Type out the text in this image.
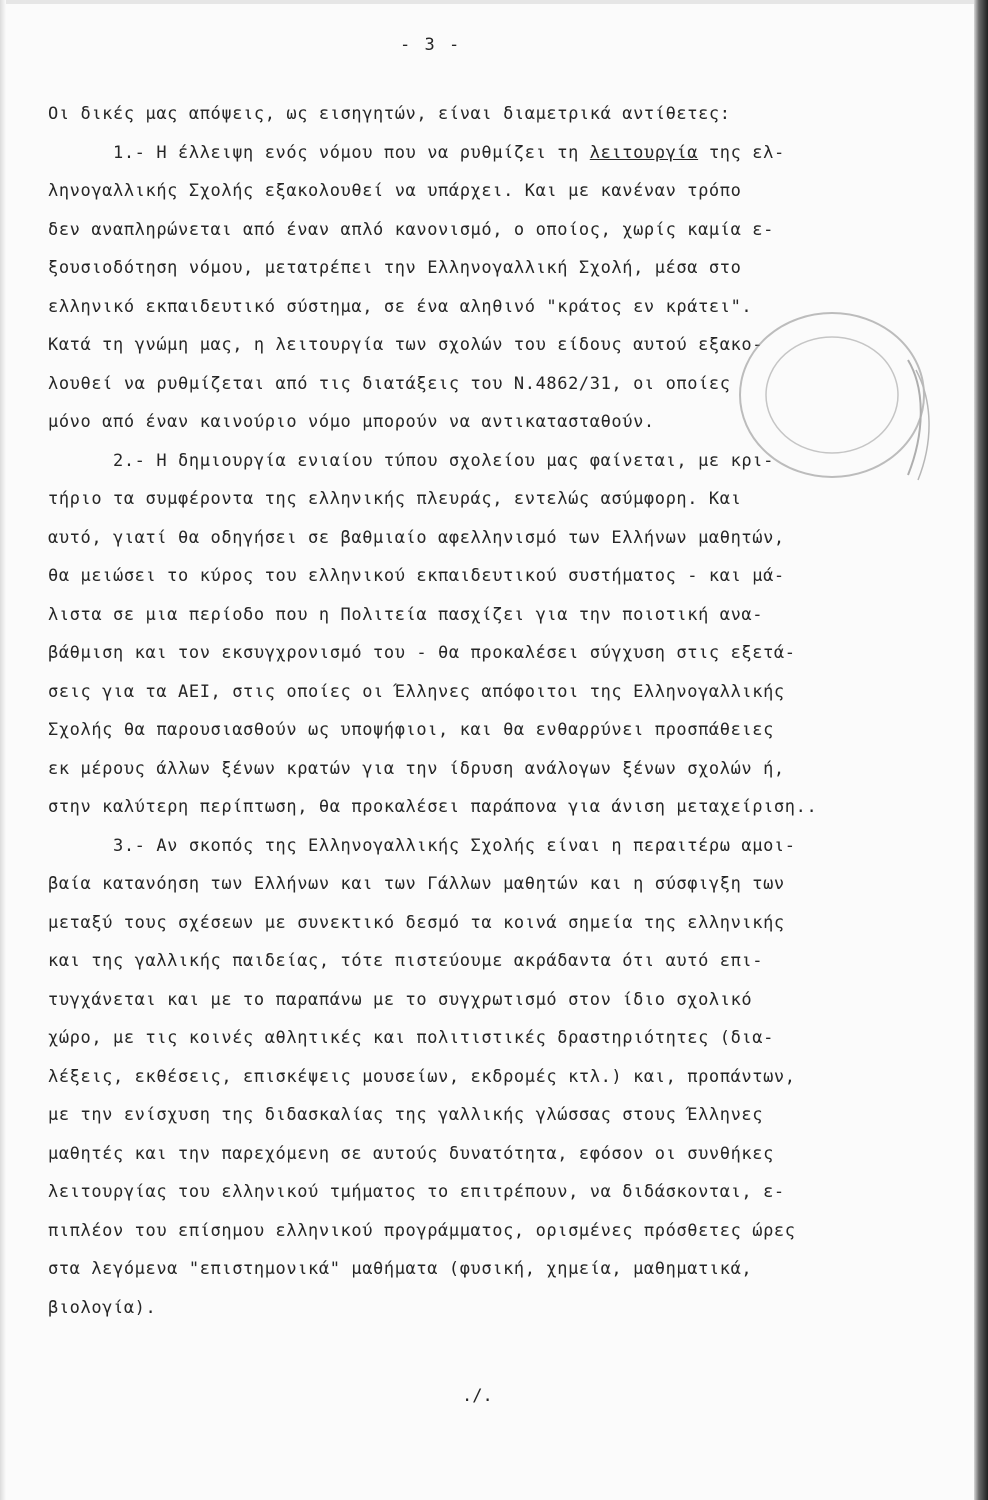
- 3 -

Οι δικές μας απόψεις, ως εισηγητών, είναι διαμετρικά αντίθετες:

1.- Η έλλειψη ενός νόμου που να ρυθμίζει τη λειτουργία της ελ-

ληνογαλλικής Σχολής εξακολουθεί να υπάρχει. Και με κανέναν τρόπο

δεν αναπληρώνεται από έναν απλό κανονισμό, ο οποίος, χωρίς καμία ε-

ξουσιοδότηση νόμου, μετατρέπει την Ελληνογαλλική Σχολή, μέσα στο

ελληνικό εκπαιδευτικό σύστημα, σε ένα αληθινό "κράτος εν κράτει".

Κατά τη γνώμη μας, η λειτουργία των σχολών του είδους αυτού εξακο-

λουθεί να ρυθμίζεται από τις διατάξεις του Ν.4862/31, οι οποίες

μόνο από έναν καινούριο νόμο μπορούν να αντικατασταθούν.

2.- Η δημιουργία ενιαίου τύπου σχολείου μας φαίνεται, με κρι-

τήριο τα συμφέροντα της ελληνικής πλευράς, εντελώς ασύμφορη. Και

αυτό, γιατί θα οδηγήσει σε βαθμιαίο αφελληνισμό των Ελλήνων μαθητών,

θα μειώσει το κύρος του ελληνικού εκπαιδευτικού συστήματος - και μά-

λιστα σε μια περίοδο που η Πολιτεία πασχίζει για την ποιοτική ανα-

βάθμιση και τον εκσυγχρονισμό του - θα προκαλέσει σύγχυση στις εξετά-

σεις για τα ΑΕΙ, στις οποίες οι Έλληνες απόφοιτοι της Ελληνογαλλικής

Σχολής θα παρουσιασθούν ως υποψήφιοι, και θα ενθαρρύνει προσπάθειες

εκ μέρους άλλων ξένων κρατών για την ίδρυση ανάλογων ξένων σχολών ή,

στην καλύτερη περίπτωση, θα προκαλέσει παράπονα για άνιση μεταχείριση..

3.- Αν σκοπός της Ελληνογαλλικής Σχολής είναι η περαιτέρω αμοι-

βαία κατανόηση των Ελλήνων και των Γάλλων μαθητών και η σύσφιγξη των

μεταξύ τους σχέσεων με συνεκτικό δεσμό τα κοινά σημεία της ελληνικής

και της γαλλικής παιδείας, τότε πιστεύουμε ακράδαντα ότι αυτό επι-

τυγχάνεται και με το παραπάνω με το συγχρωτισμό στον ίδιο σχολικό

χώρο, με τις κοινές αθλητικές και πολιτιστικές δραστηριότητες (δια-

λέξεις, εκθέσεις, επισκέψεις μουσείων, εκδρομές κτλ.) και, προπάντων,

με την ενίσχυση της διδασκαλίας της γαλλικής γλώσσας στους Έλληνες

μαθητές και την παρεχόμενη σε αυτούς δυνατότητα, εφόσον οι συνθήκες

λειτουργίας του ελληνικού τμήματος το επιτρέπουν, να διδάσκονται, ε-

πιπλέον του επίσημου ελληνικού προγράμματος, ορισμένες πρόσθετες ώρες

στα λεγόμενα "επιστημονικά" μαθήματα (φυσική, χημεία, μαθηματικά,

βιολογία).

./.
